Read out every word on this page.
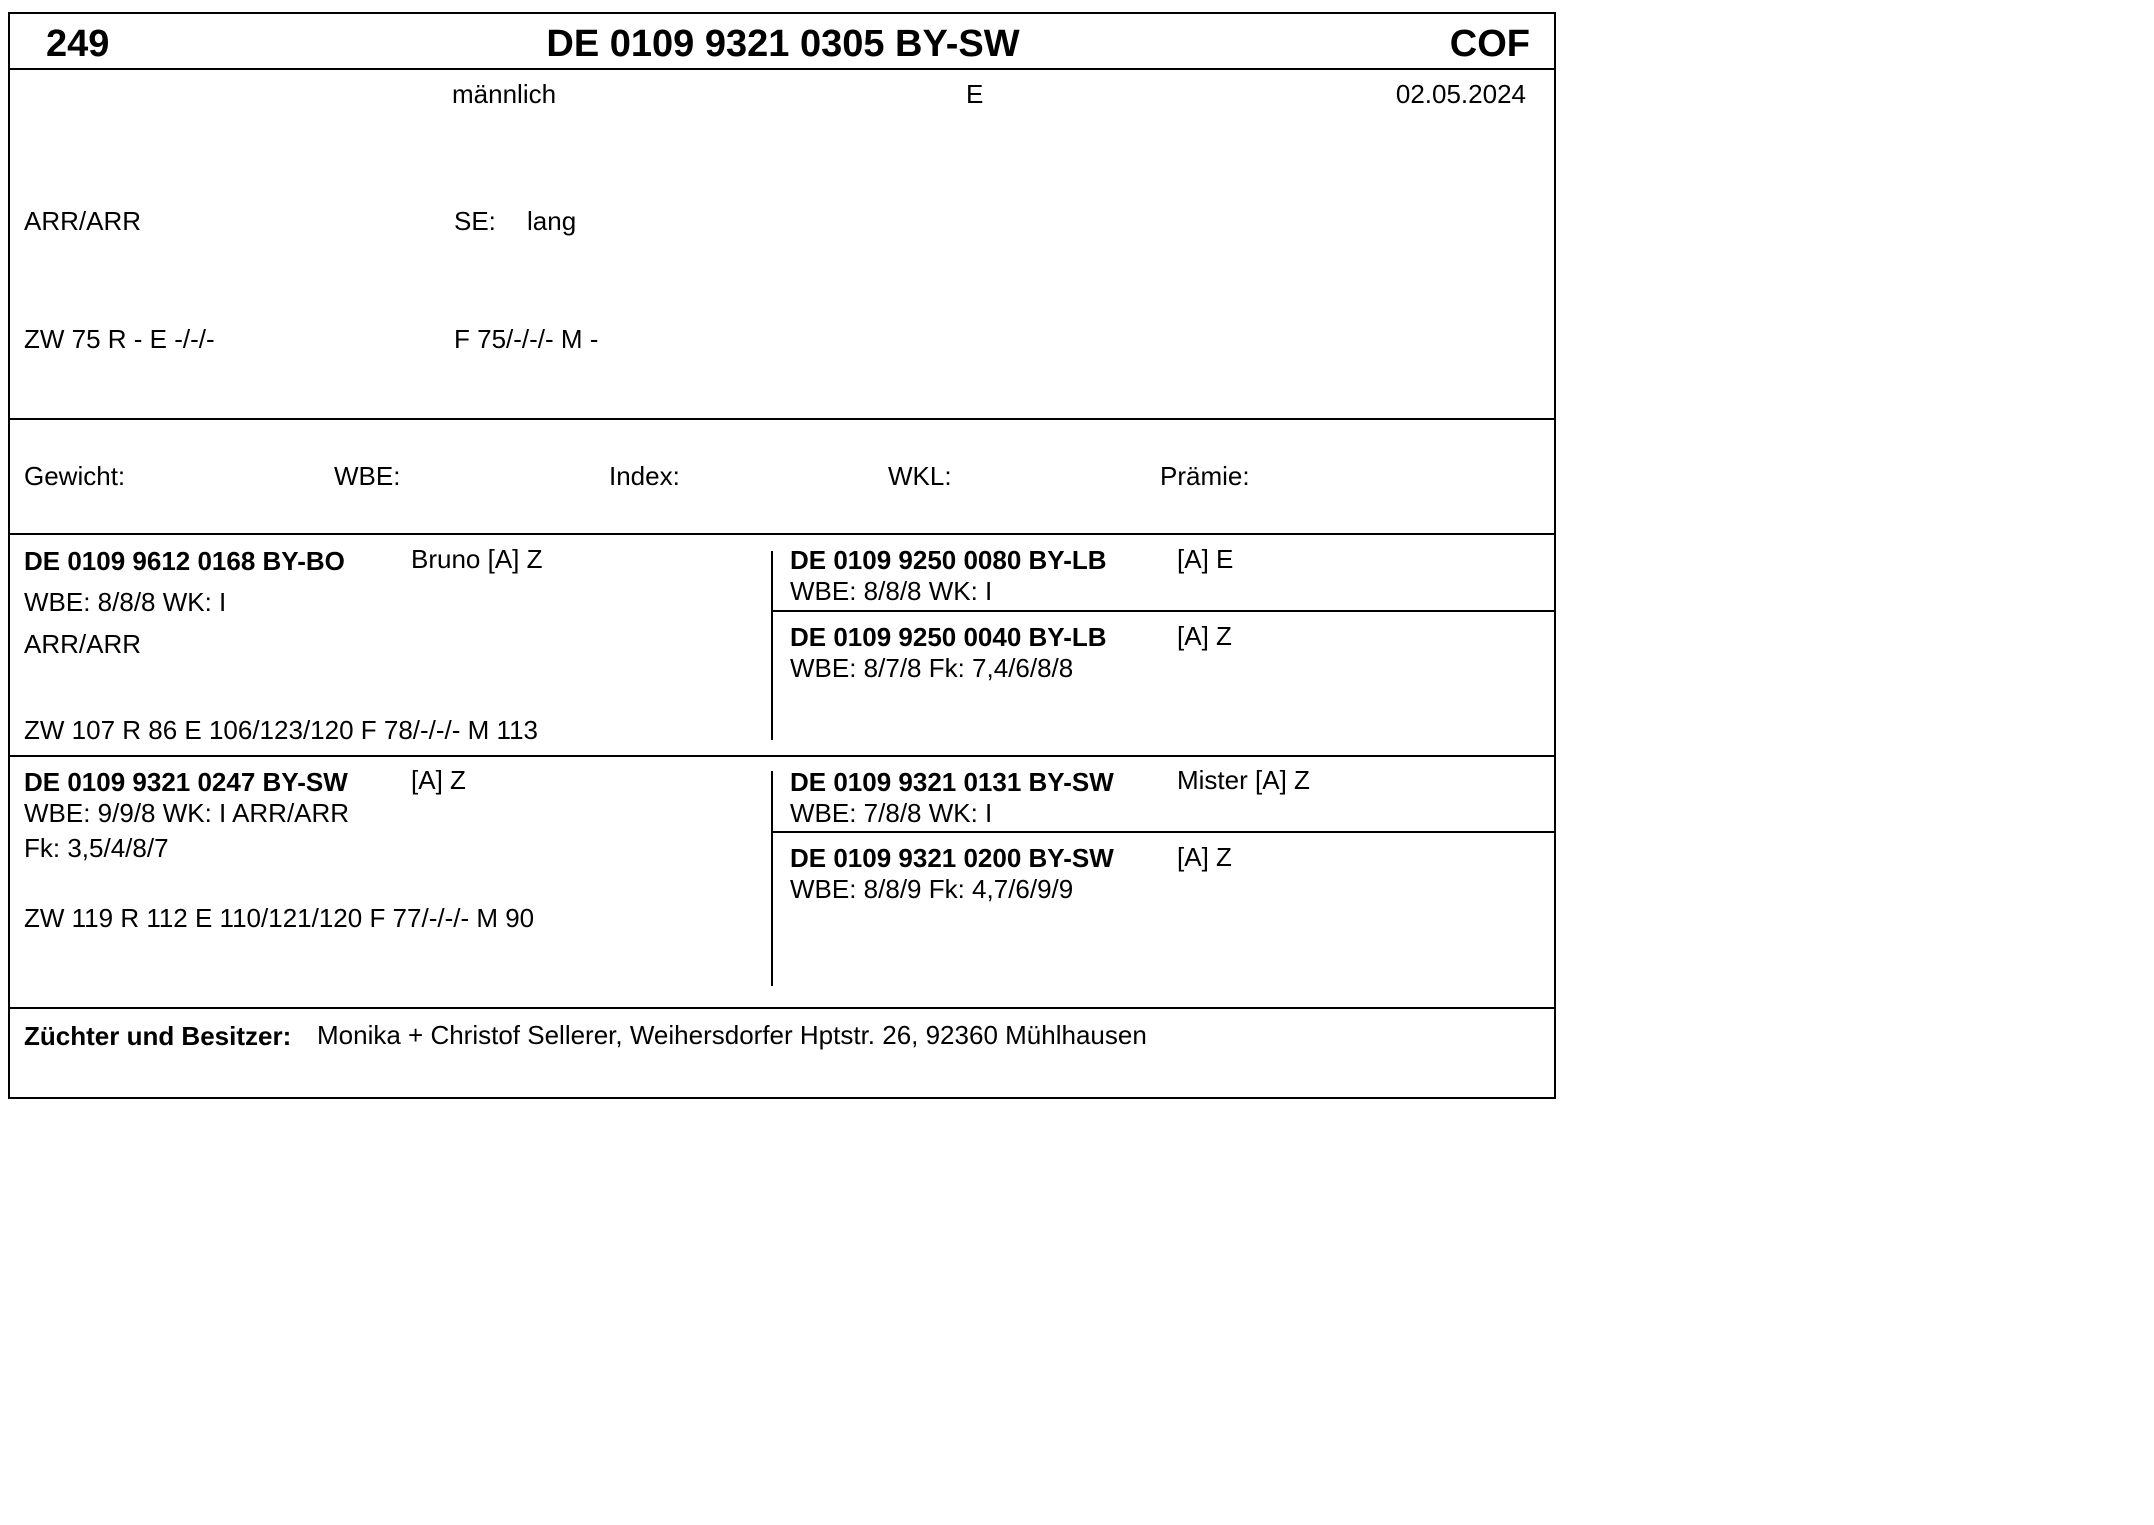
249	DE 0109 9321 0305 BY-SW	COF
männlich	E	02.05.2024
ARR/ARR	SE: lang
ZW 75 R - E -/-/-	F 75/-/-/- M -
Gewicht:	WBE:	Index:	WKL:	Prämie:
DE 0109 9612 0168 BY-BO	Bruno [A] Z
WBE: 8/8/8 WK: I
ARR/ARR
ZW 107 R 86 E 106/123/120 F 78/-/-/- M 113
DE 0109 9250 0080 BY-LB	[A] E
WBE: 8/8/8 WK: I
DE 0109 9250 0040 BY-LB	[A] Z
WBE: 8/7/8 Fk: 7,4/6/8/8
DE 0109 9321 0247 BY-SW [A] Z
WBE: 9/9/8 WK: I ARR/ARR
Fk: 3,5/4/8/7
ZW 119 R 112 E 110/121/120 F 77/-/-/- M 90
DE 0109 9321 0131 BY-SW Mister [A] Z
WBE: 7/8/8 WK: I
DE 0109 9321 0200 BY-SW [A] Z
WBE: 8/8/9 Fk: 4,7/6/9/9
Züchter und Besitzer: Monika + Christof Sellerer, Weihersdorfer Hptstr. 26, 92360 Mühlhausen
